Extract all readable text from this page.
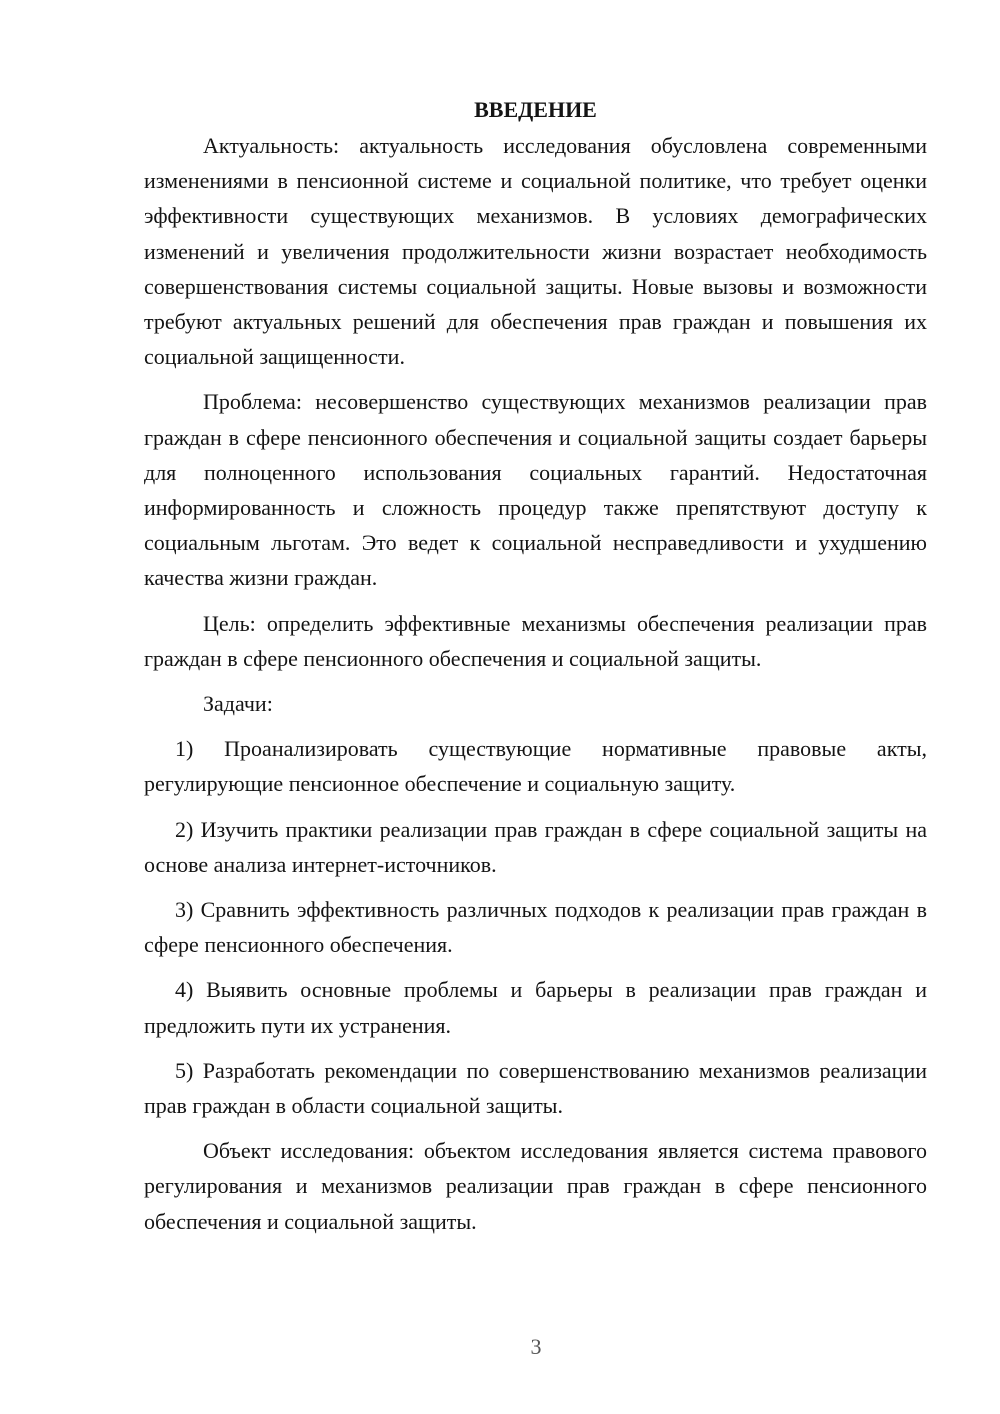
ВВЕДЕНИЕ

Актуальность: актуальность исследования обусловлена современными изменениями в пенсионной системе и социальной политике, что требует оценки эффективности существующих механизмов. В условиях демографических изменений и увеличения продолжительности жизни возрастает необходимость совершенствования системы социальной защиты. Новые вызовы и возможности требуют актуальных решений для обеспечения прав граждан и повышения их социальной защищенности.

Проблема: несовершенство существующих механизмов реализации прав граждан в сфере пенсионного обеспечения и социальной защиты создает барьеры для полноценного использования социальных гарантий. Недостаточная информированность и сложность процедур также препятствуют доступу к социальным льготам. Это ведет к социальной несправедливости и ухудшению качества жизни граждан.

Цель: определить эффективные механизмы обеспечения реализации прав граждан в сфере пенсионного обеспечения и социальной защиты.

Задачи:

1) Проанализировать существующие нормативные правовые акты, регулирующие пенсионное обеспечение и социальную защиту.

2) Изучить практики реализации прав граждан в сфере социальной защиты на основе анализа интернет-источников.

3) Сравнить эффективность различных подходов к реализации прав граждан в сфере пенсионного обеспечения.

4) Выявить основные проблемы и барьеры в реализации прав граждан и предложить пути их устранения.

5) Разработать рекомендации по совершенствованию механизмов реализации прав граждан в области социальной защиты.

Объект исследования: объектом исследования является система правового регулирования и механизмов реализации прав граждан в сфере пенсионного обеспечения и социальной защиты.

3
